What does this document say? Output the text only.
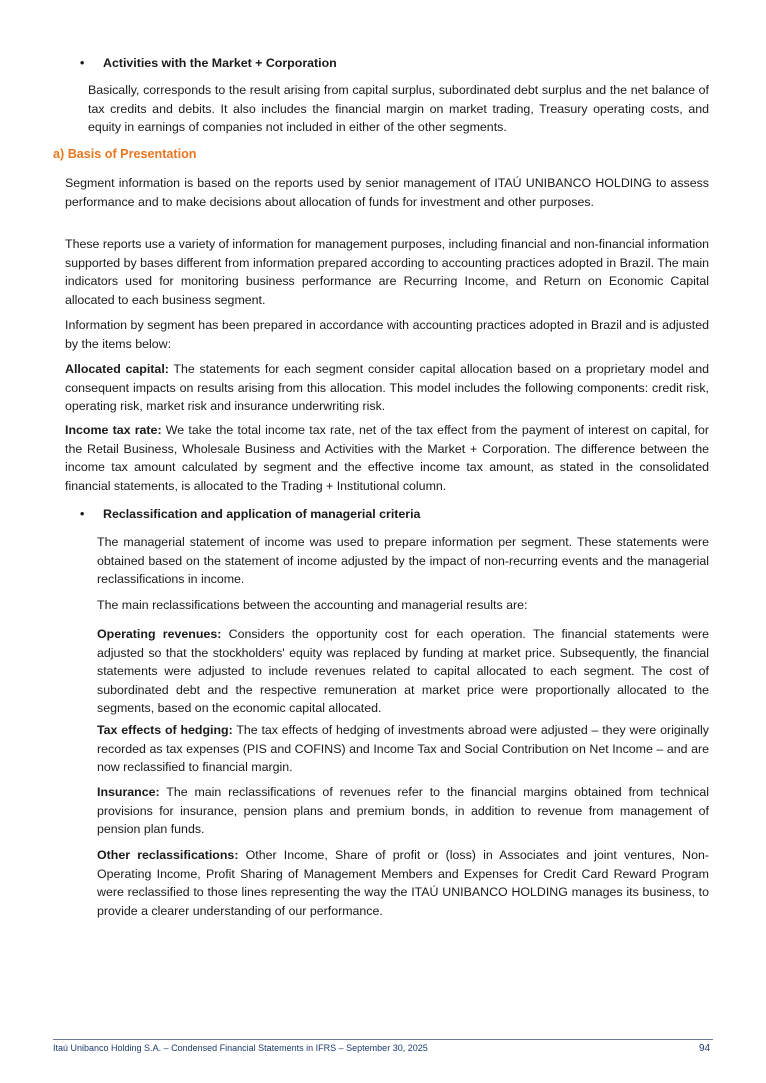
• Activities with the Market + Corporation
Basically, corresponds to the result arising from capital surplus, subordinated debt surplus and the net balance of tax credits and debits. It also includes the financial margin on market trading, Treasury operating costs, and equity in earnings of companies not included in either of the other segments.
a) Basis of Presentation
Segment information is based on the reports used by senior management of ITAÚ UNIBANCO HOLDING to assess performance and to make decisions about allocation of funds for investment and other purposes.
These reports use a variety of information for management purposes, including financial and non-financial information supported by bases different from information prepared according to accounting practices adopted in Brazil. The main indicators used for monitoring business performance are Recurring Income, and Return on Economic Capital allocated to each business segment.
Information by segment has been prepared in accordance with accounting practices adopted in Brazil and is adjusted by the items below:
Allocated capital: The statements for each segment consider capital allocation based on a proprietary model and consequent impacts on results arising from this allocation. This model includes the following components: credit risk, operating risk, market risk and insurance underwriting risk.
Income tax rate: We take the total income tax rate, net of the tax effect from the payment of interest on capital, for the Retail Business, Wholesale Business and Activities with the Market + Corporation. The difference between the income tax amount calculated by segment and the effective income tax amount, as stated in the consolidated financial statements, is allocated to the Trading + Institutional column.
• Reclassification and application of managerial criteria
The managerial statement of income was used to prepare information per segment. These statements were obtained based on the statement of income adjusted by the impact of non-recurring events and the managerial reclassifications in income.
The main reclassifications between the accounting and managerial results are:
Operating revenues: Considers the opportunity cost for each operation. The financial statements were adjusted so that the stockholders' equity was replaced by funding at market price. Subsequently, the financial statements were adjusted to include revenues related to capital allocated to each segment. The cost of subordinated debt and the respective remuneration at market price were proportionally allocated to the segments, based on the economic capital allocated.
Tax effects of hedging: The tax effects of hedging of investments abroad were adjusted – they were originally recorded as tax expenses (PIS and COFINS) and Income Tax and Social Contribution on Net Income – and are now reclassified to financial margin.
Insurance: The main reclassifications of revenues refer to the financial margins obtained from technical provisions for insurance, pension plans and premium bonds, in addition to revenue from management of pension plan funds.
Other reclassifications: Other Income, Share of profit or (loss) in Associates and joint ventures, Non-Operating Income, Profit Sharing of Management Members and Expenses for Credit Card Reward Program were reclassified to those lines representing the way the ITAÚ UNIBANCO HOLDING manages its business, to provide a clearer understanding of our performance.
Itaú Unibanco Holding S.A. – Condensed Financial Statements in IFRS – September 30, 2025	94
